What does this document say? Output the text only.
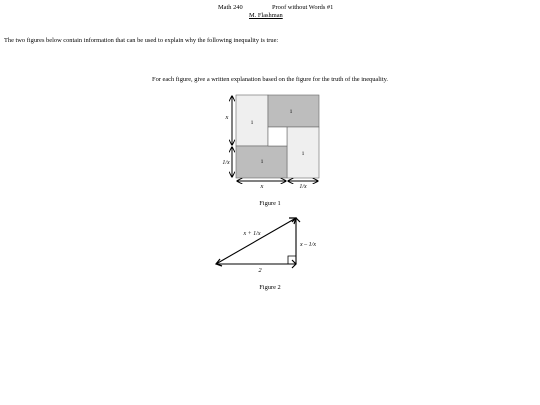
Math 240	Proof without Words #1
M. Flashman
The two figures below contain information that can be used to explain why the following inequality is true:
For each figure, give a written explanation based on the figure for the truth of the inequality.
1
1
1
1
x
1/x
x	1/x
Figure 1
x + 1/x
x – 1/x
2
Figure 2
